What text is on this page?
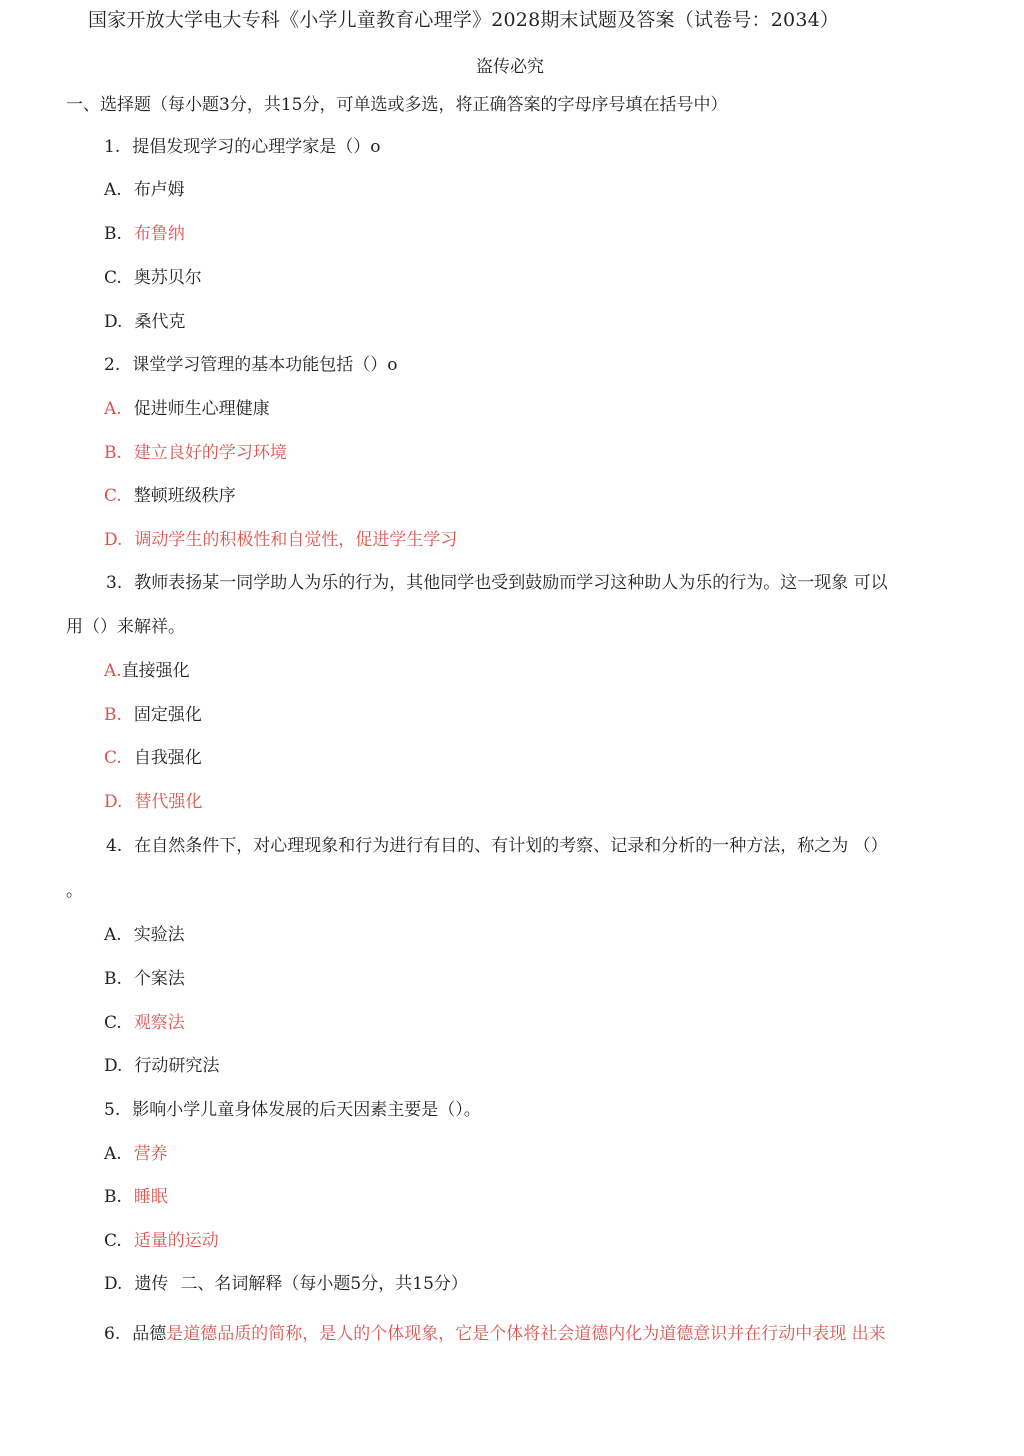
国家开放大学电大专科《小学儿童教育心理学》2028期末试题及答案（试卷号：2034）
盗传必究
一、选择题（每小题3分，共15分，可单选或多选，将正确答案的字母序号填在括号中）
1. 提倡发现学习的心理学家是（）o
A. 布卢姆
B. 布鲁纳
C. 奥苏贝尔
D. 桑代克
2. 课堂学习管理的基本功能包括（）o
A. 促进师生心理健康
B. 建立良好的学习环境
C. 整顿班级秩序
D. 调动学生的积极性和自觉性，促进学生学习
3. 教师表扬某一同学助人为乐的行为，其他同学也受到鼓励而学习这种助人为乐的行为。这一现象 可以
用（）来解祥。
A.直接强化
B. 固定强化
C. 自我强化
D. 替代强化
4. 在自然条件下，对心理现象和行为进行有目的、有计划的考察、记录和分析的一种方法，称之为 （）
。
A. 实验法
B. 个案法
C. 观察法
D. 行动研究法
5. 影响小学儿童身体发展的后天因素主要是（）。
A. 营养
B. 睡眠
C. 适量的运动
D. 遗传 二、名词解释（每小题5分，共15分）
6. 品德是道德品质的简称，是人的个体现象，它是个体将社会道德内化为道德意识并在行动中表现 出来
